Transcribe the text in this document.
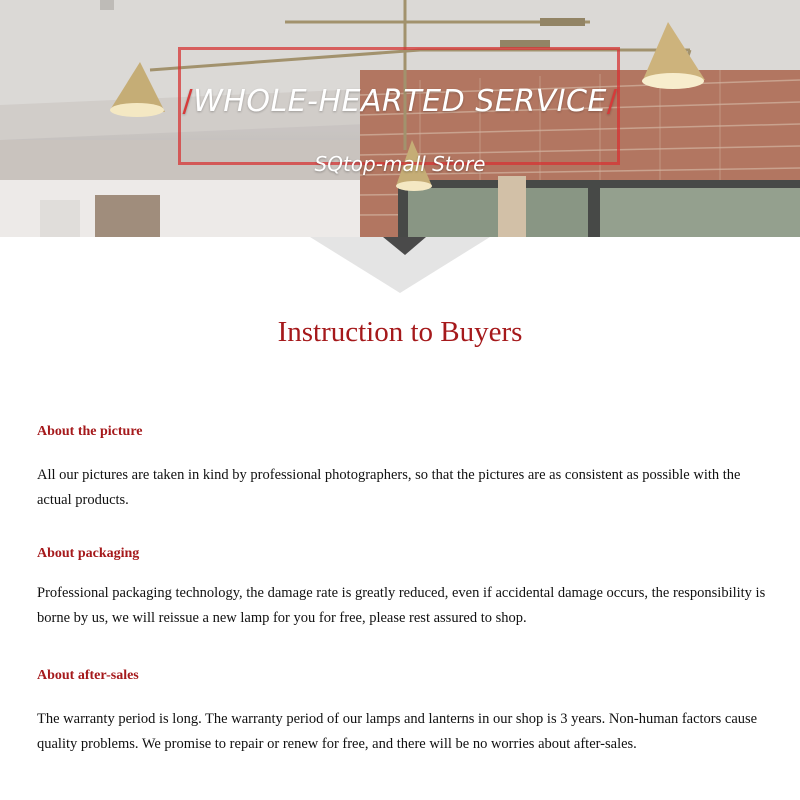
/WHOLE-HEARTED SERVICE/
SQtop-mall Store
Instruction to Buyers
About the picture

All our pictures are taken in kind by professional photographers, so that the pictures are as consistent as possible with the actual products.

About packaging

Professional packaging technology, the damage rate is greatly reduced, even if accidental damage occurs, the responsibility is borne by us, we will reissue a new lamp for you for free, please rest assured to shop.

About after-sales

The warranty period is long. The warranty period of our lamps and lanterns in our shop is 3 years. Non-human factors cause quality problems. We promise to repair or renew for free, and there will be no worries about after-sales.
